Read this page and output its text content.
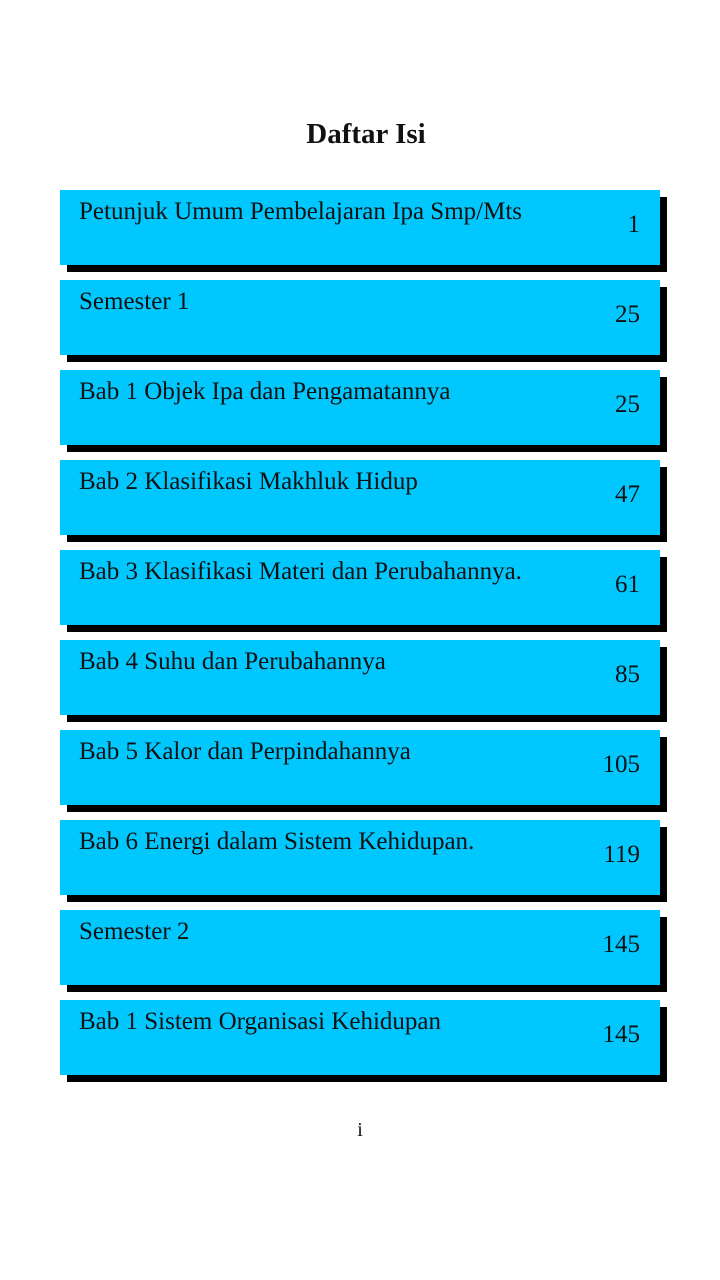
Daftar Isi
Petunjuk Umum Pembelajaran Ipa Smp/Mts	1
Semester 1	25
Bab 1 Objek Ipa dan Pengamatannya	25
Bab 2 Klasifikasi Makhluk Hidup	47
Bab 3 Klasifikasi Materi dan Perubahannya.	61
Bab 4 Suhu dan Perubahannya	85
Bab 5 Kalor dan Perpindahannya	105
Bab 6 Energi dalam Sistem Kehidupan.	119
Semester 2	145
Bab 1 Sistem Organisasi Kehidupan	145
i
